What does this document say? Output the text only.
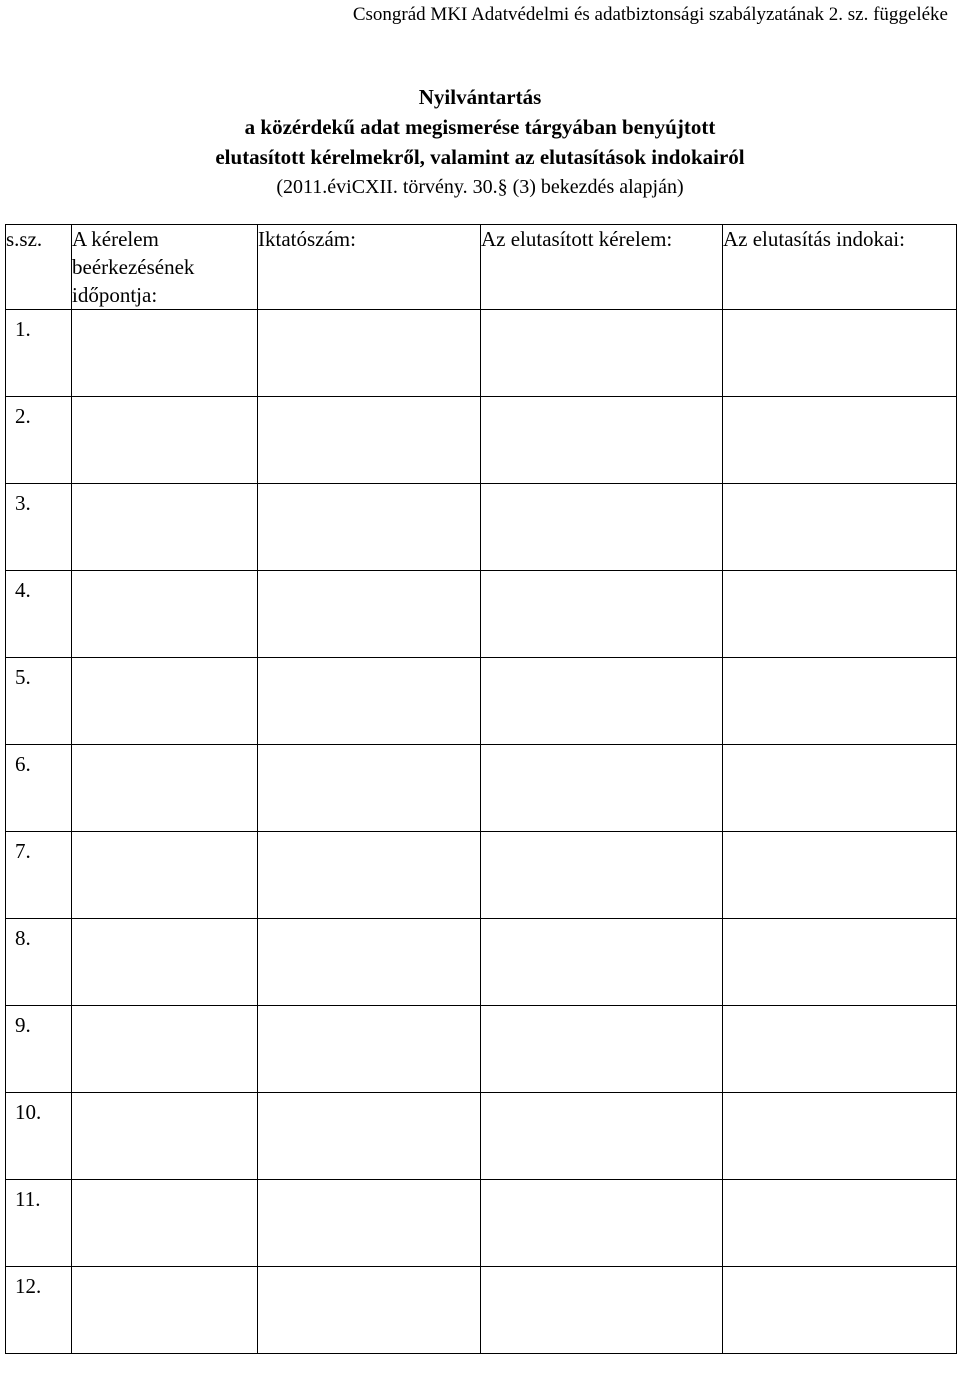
Csongrád MKI Adatvédelmi és adatbiztonsági szabályzatának 2. sz. függeléke
Nyilvántartás
a közérdekű adat megismerése tárgyában benyújtott
elutasított kérelmekről, valamint az elutasítások indokairól
(2011.éviCXII. törvény. 30.§ (3) bekezdés alapján)
s.sz.	A kérelem beérkezésének időpontja:	Iktatószám:	Az elutasított kérelem:	Az elutasítás indokai:

1.				

2.				

3.				

4.				

5.				

6.				

7.				

8.				

9.				

10.				

11.				

12.				
